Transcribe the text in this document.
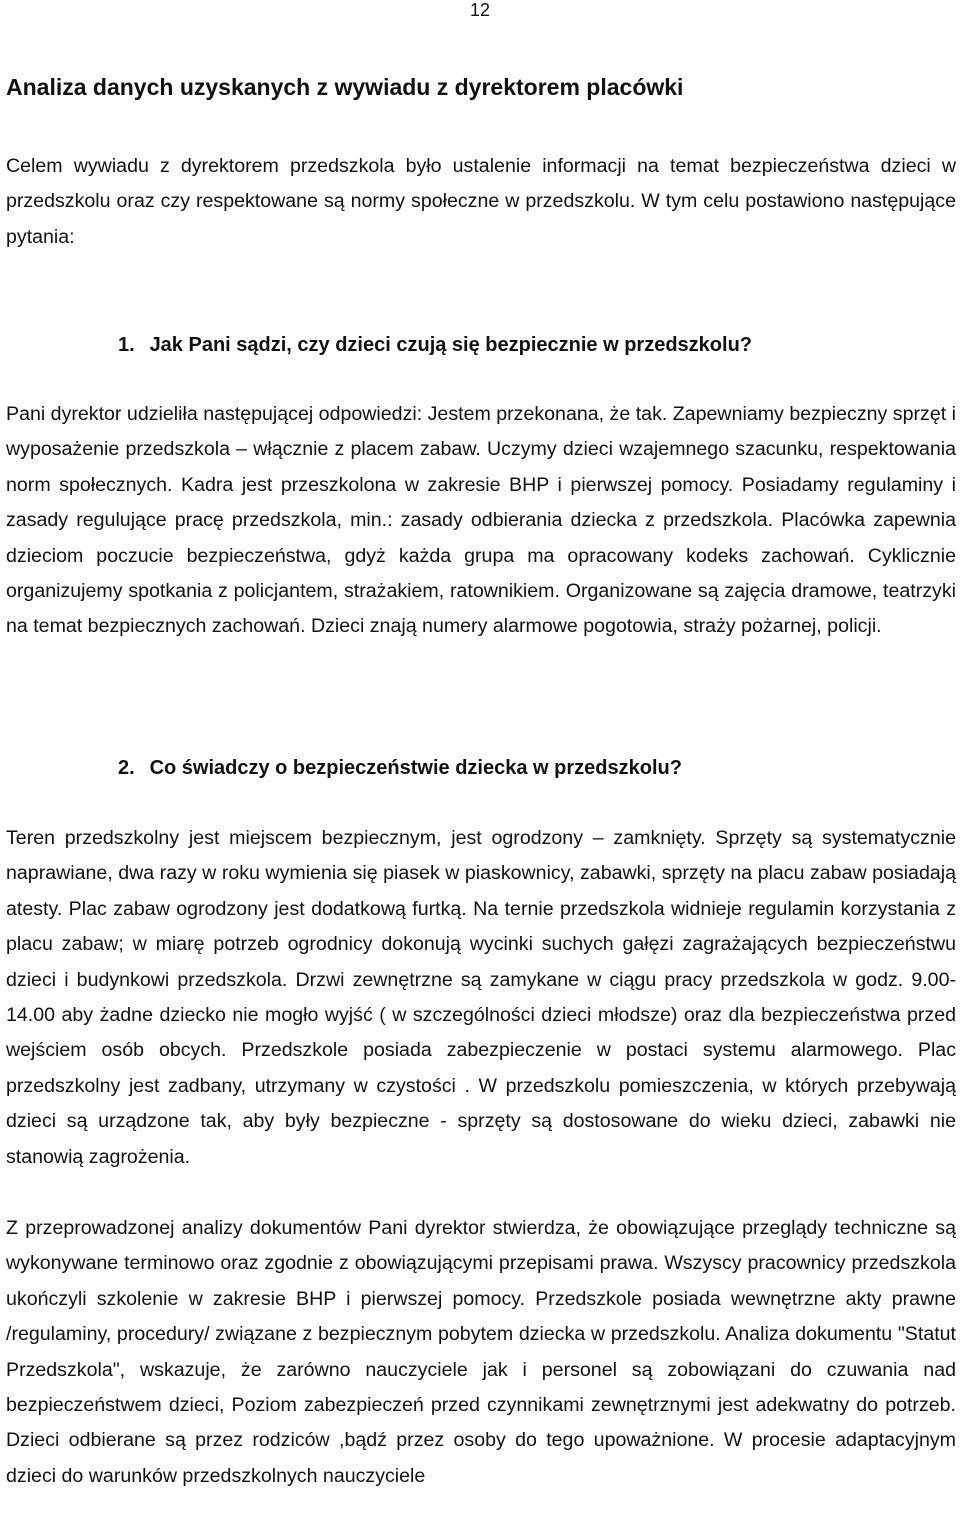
12
Analiza danych uzyskanych z wywiadu z dyrektorem placówki

Celem wywiadu z dyrektorem przedszkola było ustalenie informacji na temat bezpieczeństwa dzieci w przedszkolu oraz czy respektowane są normy społeczne w przedszkolu. W tym celu postawiono następujące pytania:

1. Jak Pani sądzi, czy dzieci czują się bezpiecznie w przedszkolu?

Pani dyrektor udzieliła następującej odpowiedzi: Jestem przekonana, że tak. Zapewniamy bezpieczny sprzęt i wyposażenie przedszkola – włącznie z placem zabaw. Uczymy dzieci wzajemnego szacunku, respektowania norm społecznych. Kadra jest przeszkolona w zakresie BHP i pierwszej pomocy. Posiadamy regulaminy i zasady regulujące pracę przedszkola, min.: zasady odbierania dziecka z przedszkola. Placówka zapewnia dzieciom poczucie bezpieczeństwa, gdyż każda grupa ma opracowany kodeks zachowań. Cyklicznie organizujemy spotkania z policjantem, strażakiem, ratownikiem. Organizowane są zajęcia dramowe, teatrzyki na temat bezpiecznych zachowań. Dzieci znają numery alarmowe pogotowia, straży pożarnej, policji.

2. Co świadczy o bezpieczeństwie dziecka w przedszkolu?

Teren przedszkolny jest miejscem bezpiecznym, jest ogrodzony – zamknięty. Sprzęty są systematycznie naprawiane, dwa razy w roku wymienia się piasek w piaskownicy, zabawki, sprzęty na placu zabaw posiadają atesty. Plac zabaw ogrodzony jest dodatkową furtką. Na ternie przedszkola widnieje regulamin korzystania z placu zabaw; w miarę potrzeb ogrodnicy dokonują wycinki suchych gałęzi zagrażających bezpieczeństwu dzieci i budynkowi przedszkola. Drzwi zewnętrzne są zamykane w ciągu pracy przedszkola w godz. 9.00-14.00 aby żadne dziecko nie mogło wyjść ( w szczególności dzieci młodsze) oraz dla bezpieczeństwa przed wejściem osób obcych. Przedszkole posiada zabezpieczenie w postaci systemu alarmowego. Plac przedszkolny jest zadbany, utrzymany w czystości . W przedszkolu pomieszczenia, w których przebywają dzieci są urządzone tak, aby były bezpieczne - sprzęty są dostosowane do wieku dzieci, zabawki nie stanowią zagrożenia.

Z przeprowadzonej analizy dokumentów Pani dyrektor stwierdza, że obowiązujące przeglądy techniczne są wykonywane terminowo oraz zgodnie z obowiązującymi przepisami prawa. Wszyscy pracownicy przedszkola ukończyli szkolenie w zakresie BHP i pierwszej pomocy. Przedszkole posiada wewnętrzne akty prawne /regulaminy, procedury/ związane z bezpiecznym pobytem dziecka w przedszkolu. Analiza dokumentu "Statut Przedszkola", wskazuje, że zarówno nauczyciele jak i personel są zobowiązani do czuwania nad bezpieczeństwem dzieci, Poziom zabezpieczeń przed czynnikami zewnętrznymi jest adekwatny do potrzeb. Dzieci odbierane są przez rodziców ,bądź przez osoby do tego upoważnione. W procesie adaptacyjnym dzieci do warunków przedszkolnych nauczyciele
